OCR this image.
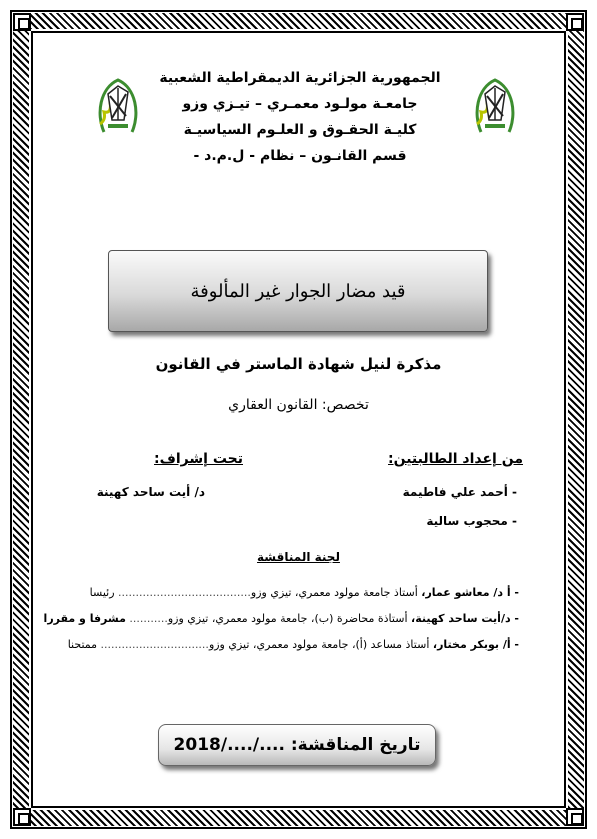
الجمهورية الجزائرية الديمقراطية الشعبية
جامعـة مولـود معمـري – تيـزي وزو
كليـة الحقـوق و العلـوم السياسيـة
قسم القانـون – نظام - ل.م.د -
قيد مضار الجوار غير المألوفة
مذكرة لنيل شهادة الماستر في القانون
تخصص: القانون العقاري
من إعداد الطالبتين:
- أحمد علي فاطيمة
- محجوب سالية
تحت إشراف:
د/ أيت ساحد كهينة
لجنة المناقشة
- أ د/ معاشو عمار، أستاذ جامعة مولود معمري، تيزي وزو...................................... رئيسا
- د/أيت ساحد كهينة، أستاذة محاضرة (ب)، جامعة مولود معمري، تيزي وزو........... مشرفا و مقررا
- أ/ بوبكر مختار، أستاذ مساعد (أ)، جامعة مولود معمري، تيزي وزو............................... ممتحنا
تاريخ المناقشة: ..../..../2018
